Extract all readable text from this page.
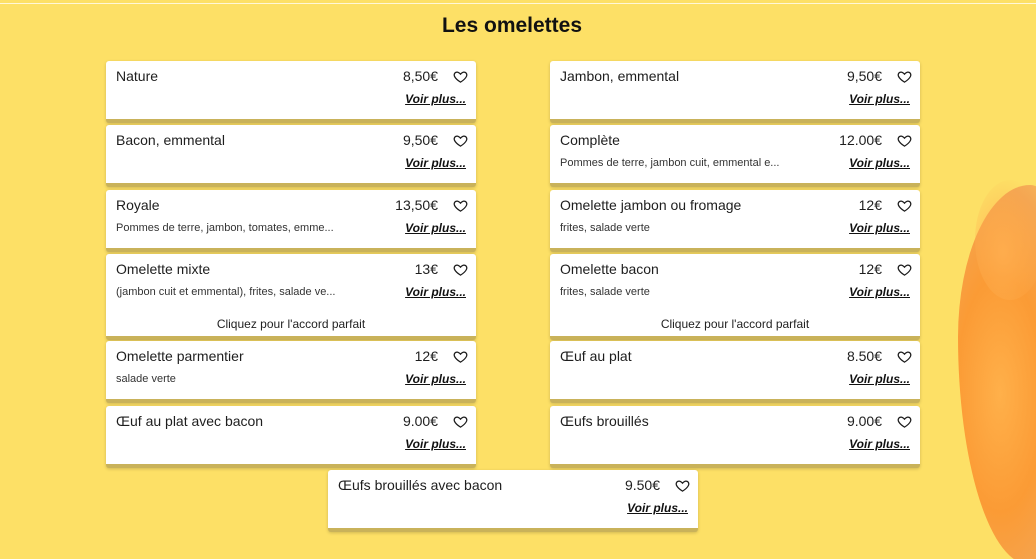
Les omelettes
Nature	8,50€
Voir plus...
Jambon, emmental	9,50€
Voir plus...
Bacon, emmental	9,50€
Voir plus...
Complète	12.00€
Pommes de terre, jambon cuit, emmental e...	Voir plus...
Royale	13,50€
Pommes de terre, jambon, tomates, emme...	Voir plus...
Omelette jambon ou fromage	12€
frites, salade verte	Voir plus...
Omelette mixte	13€
(jambon cuit et emmental), frites, salade ve...	Voir plus...
Cliquez pour l'accord parfait
Omelette bacon	12€
frites, salade verte	Voir plus...
Cliquez pour l'accord parfait
Omelette parmentier	12€
salade verte	Voir plus...
Œuf au plat	8.50€
Voir plus...
Œuf au plat avec bacon	9.00€
Voir plus...
Œufs brouillés	9.00€
Voir plus...
Œufs brouillés avec bacon	9.50€
Voir plus...
